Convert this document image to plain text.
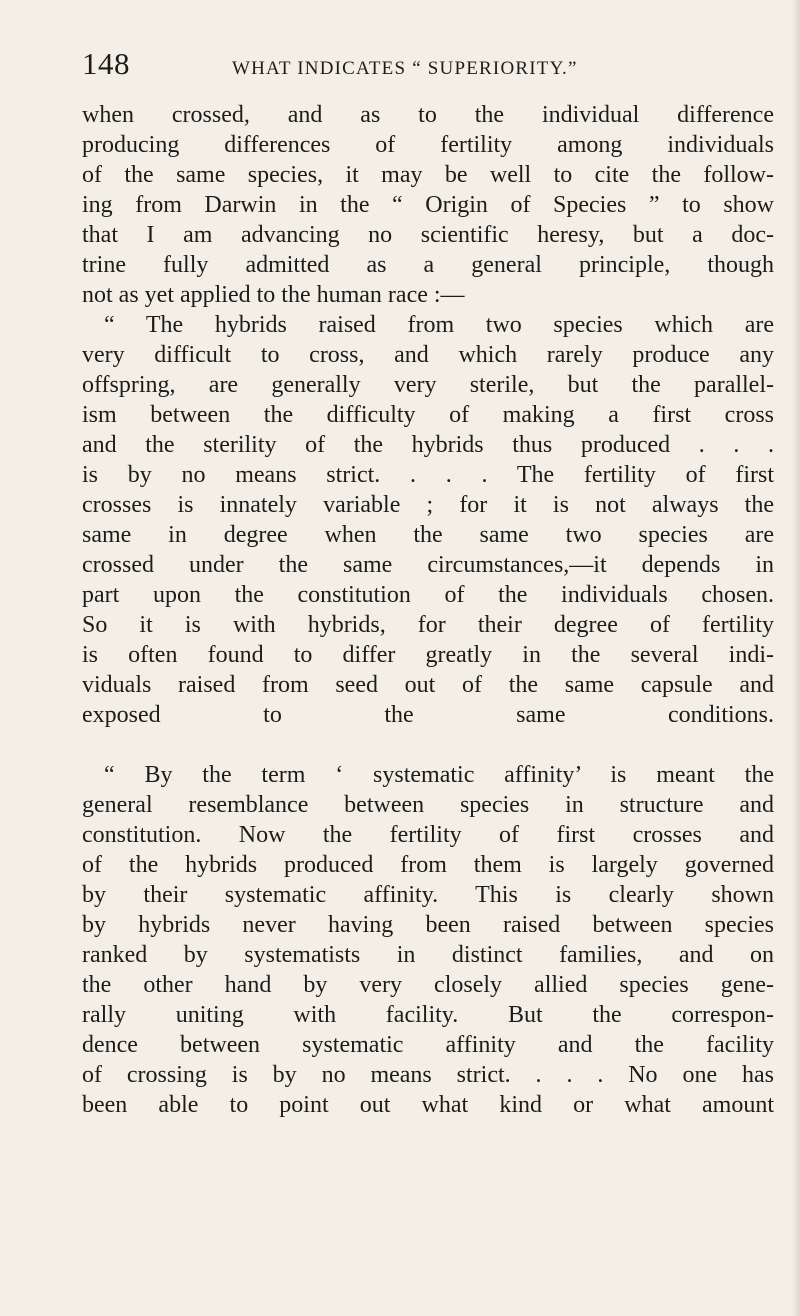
148	WHAT INDICATES “ SUPERIORITY.”
when crossed, and as to the individual difference
producing differences of fertility among individuals
of the same species, it may be well to cite the follow-
ing from Darwin in the “ Origin of Species ” to show
that I am advancing no scientific heresy, but a doc-
trine fully admitted as a general principle, though
not as yet applied to the human race :—
“ The hybrids raised from two species which are
very difficult to cross, and which rarely produce any
offspring, are generally very sterile, but the parallel-
ism between the difficulty of making a first cross
and the sterility of the hybrids thus produced . . .
is by no means strict. . . . The fertility of first
crosses is innately variable ; for it is not always the
same in degree when the same two species are
crossed under the same circumstances,—it depends in
part upon the constitution of the individuals chosen.
So it is with hybrids, for their degree of fertility
is often found to differ greatly in the several indi-
viduals raised from seed out of the same capsule and
exposed to the same conditions.
“ By the term ‘ systematic affinity’ is meant the
general resemblance between species in structure and
constitution. Now the fertility of first crosses and
of the hybrids produced from them is largely governed
by their systematic affinity. This is clearly shown
by hybrids never having been raised between species
ranked by systematists in distinct families, and on
the other hand by very closely allied species gene-
rally uniting with facility. But the correspon-
dence between systematic affinity and the facility
of crossing is by no means strict. . . . No one has
been able to point out what kind or what amount
